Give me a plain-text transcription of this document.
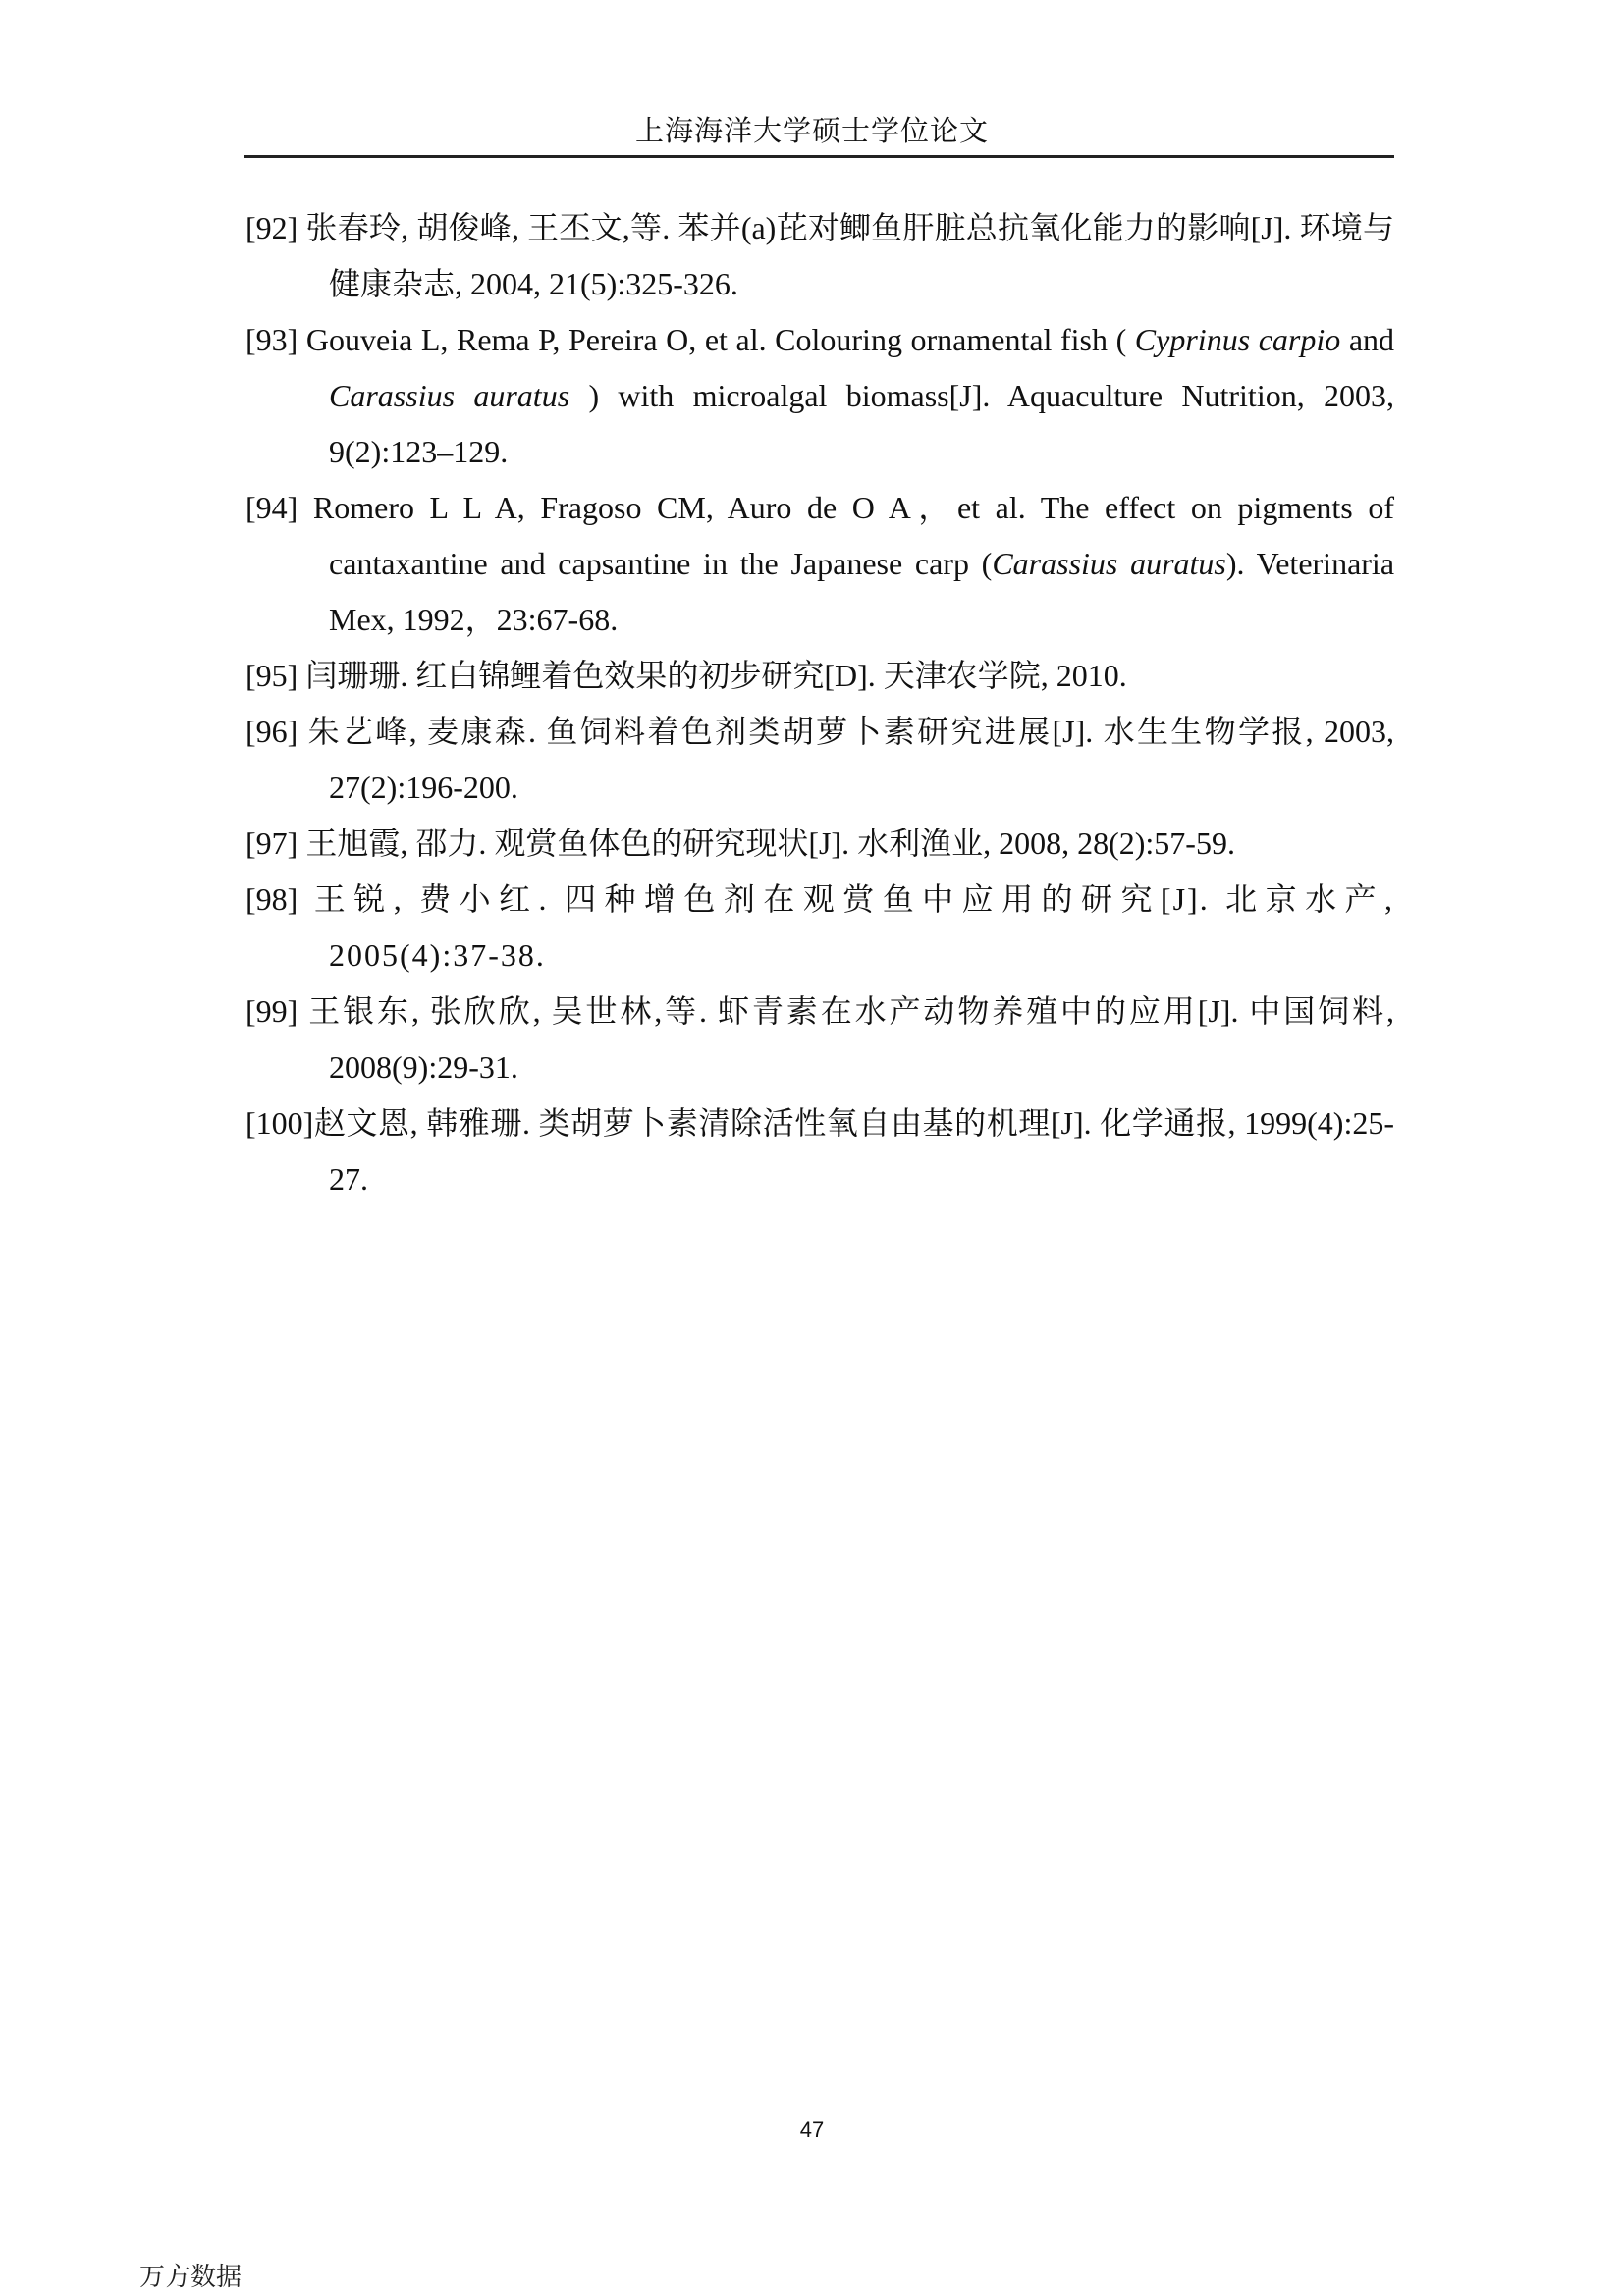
上海海洋大学硕士学位论文
[92] 张春玲, 胡俊峰, 王丕文,等. 苯并(a)芘对鲫鱼肝脏总抗氧化能力的影响[J]. 环境与健康杂志, 2004, 21(5):325-326.
[93] Gouveia L, Rema P, Pereira O, et al. Colouring ornamental fish ( Cyprinus carpio and Carassius auratus ) with microalgal biomass[J]. Aquaculture Nutrition, 2003, 9(2):123–129.
[94] Romero L L A, Fragoso CM, Auro de O A，et al. The effect on pigments of cantaxantine and capsantine in the Japanese carp (Carassius auratus). Veterinaria Mex, 1992，23:67-68.
[95] 闫珊珊. 红白锦鲤着色效果的初步研究[D]. 天津农学院, 2010.
[96] 朱艺峰, 麦康森. 鱼饲料着色剂类胡萝卜素研究进展[J]. 水生生物学报, 2003, 27(2):196-200.
[97] 王旭霞, 邵力. 观赏鱼体色的研究现状[J]. 水利渔业, 2008, 28(2):57-59.
[98] 王锐, 费小红. 四种增色剂在观赏鱼中应用的研究[J]. 北京水产, 2005(4):37-38.
[99] 王银东, 张欣欣, 吴世林,等. 虾青素在水产动物养殖中的应用[J]. 中国饲料, 2008(9):29-31.
[100]赵文恩, 韩雅珊. 类胡萝卜素清除活性氧自由基的机理[J]. 化学通报, 1999(4):25-27.
47
万方数据
